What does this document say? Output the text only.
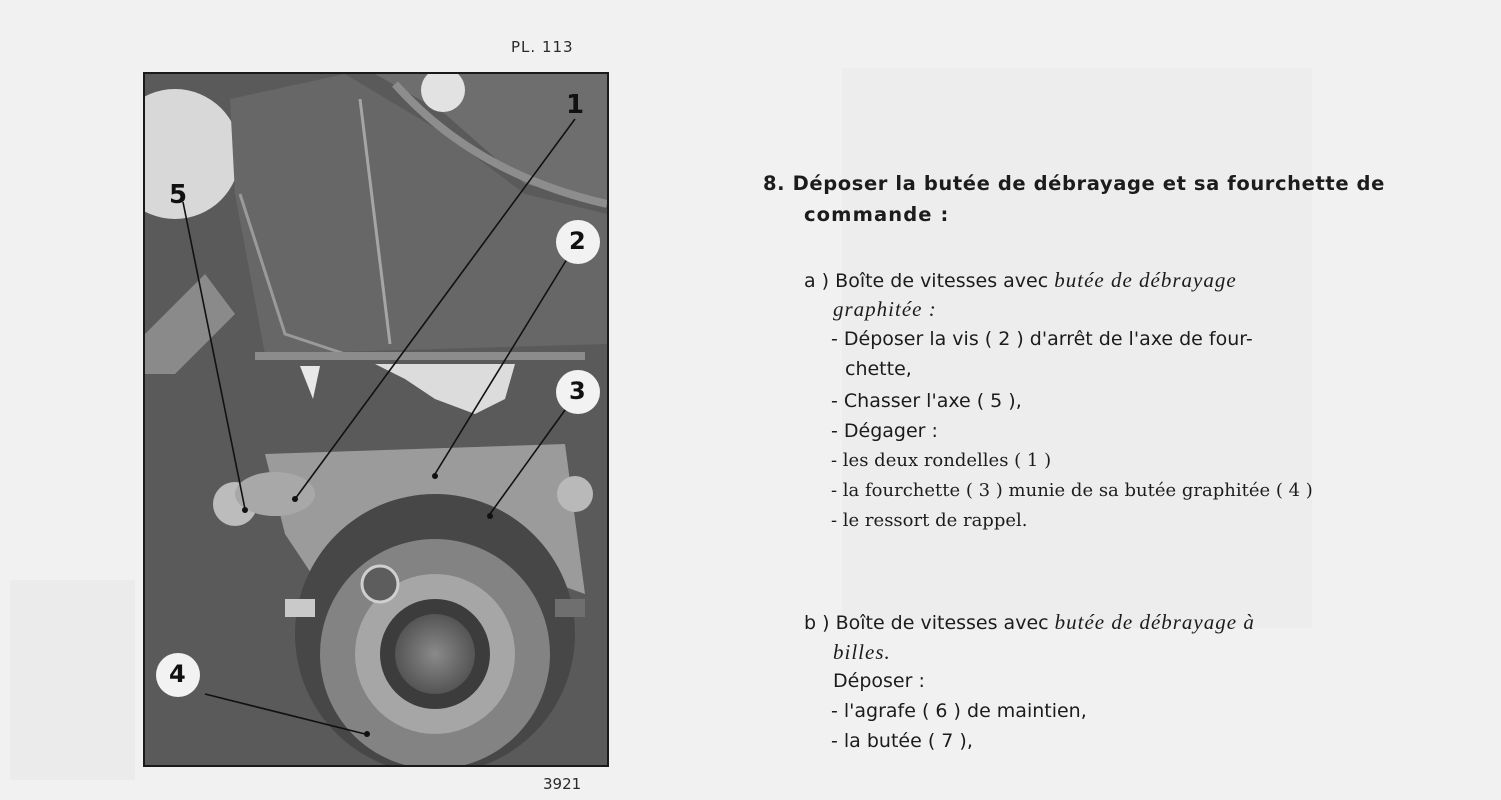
PL. 113
1
2
3
4
5
3921
8. Déposer la butée de débrayage et sa fourchette de
commande :
a ) Boîte de vitesses avec butée de débrayage
graphitée :
- Déposer la vis ( 2 ) d'arrêt de l'axe de four-
chette,
- Chasser l'axe ( 5 ),
- Dégager :
- les deux rondelles ( 1 )
- la fourchette ( 3 ) munie de sa butée graphitée ( 4 )
- le ressort de rappel.
b ) Boîte de vitesses avec butée de débrayage à
billes.
Déposer :
- l'agrafe ( 6 ) de maintien,
- la butée ( 7 ),
